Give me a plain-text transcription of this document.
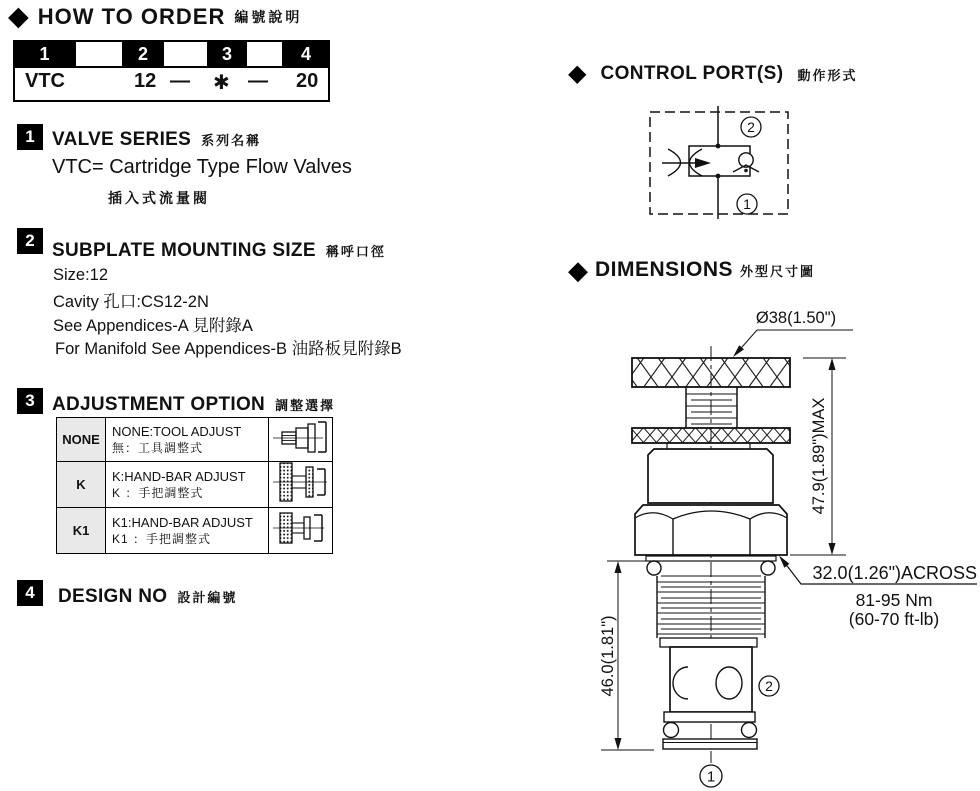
◆ HOW TO ORDER 編號說明
1	2	3	4
VTC	12 — ✱ — 20
1 VALVE SERIES 系列名稱
VTC= Cartridge Type Flow Valves
插入式流量閥
2 SUBPLATE MOUNTING SIZE 稱呼口徑
Size:12
Cavity 孔口:CS12-2N
See Appendices-A 見附錄A
For Manifold See Appendices-B 油路板見附錄B
3 ADJUSTMENT OPTION 調整選擇
NONE	NONE:TOOL ADJUST
無：工具調整式

K	K:HAND-BAR ADJUST
K ：手把調整式

K1	K1:HAND-BAR ADJUST
K1 ：手把調整式

4	DESIGN NO 設計編號
◆ CONTROL PORT(S) 動作形式
2
1
◆ DIMENSIONS 外型尺寸圖
Ø38(1.50")
47.9(1.89")MAX
46.0(1.81")
32.0(1.26")ACROSS
81-95 Nm
(60-70 ft-lb)
2
1
